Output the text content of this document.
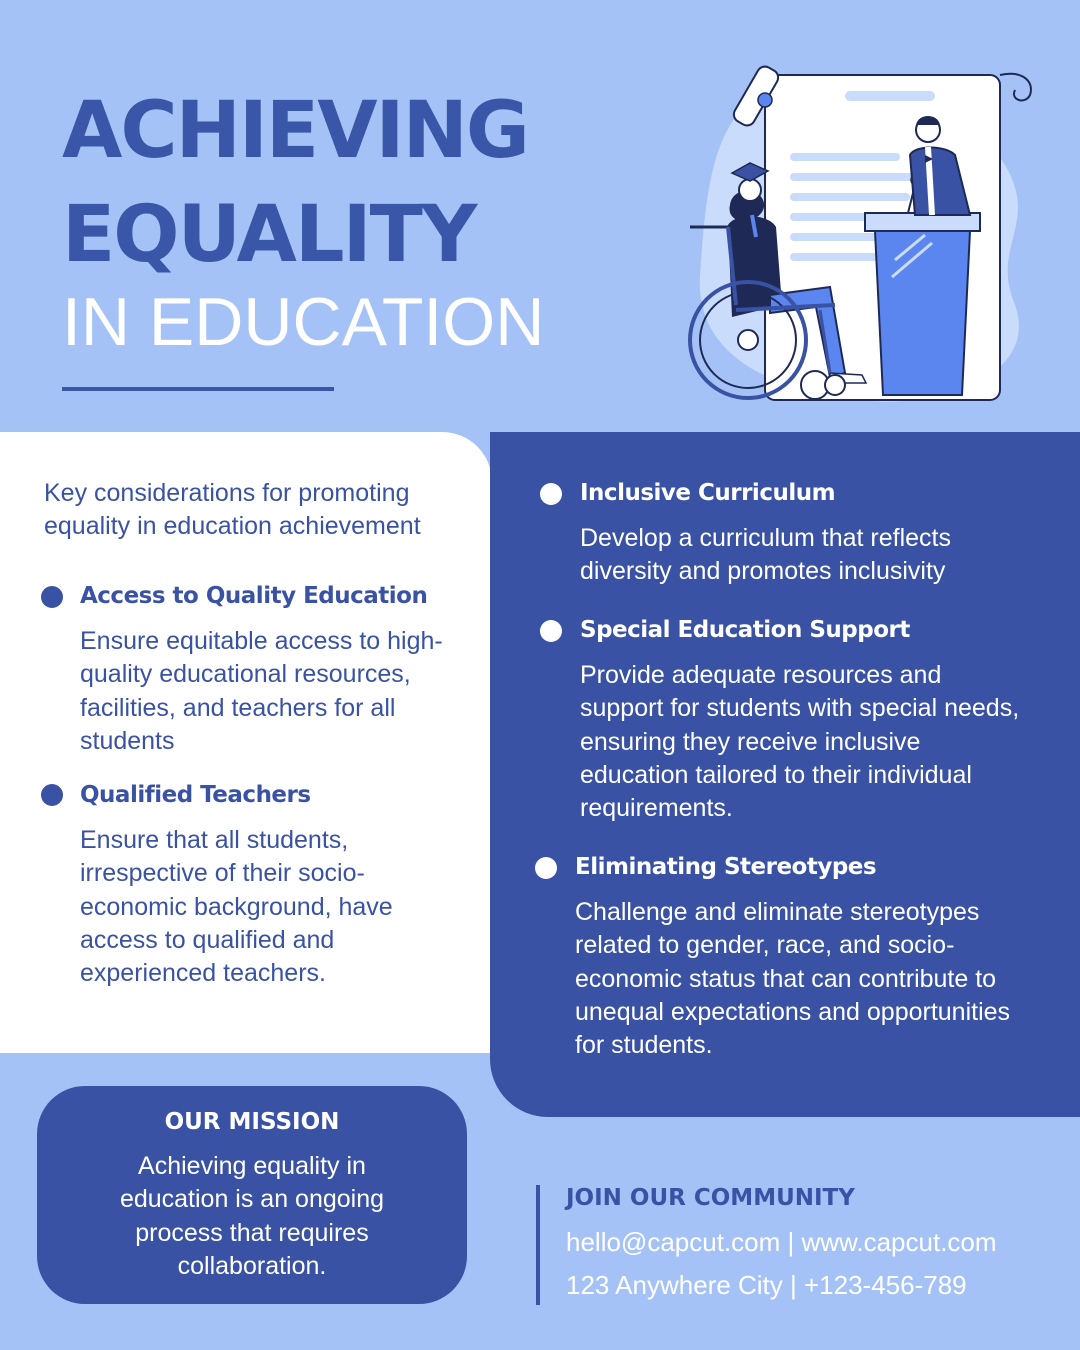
ACHIEVING
EQUALITY
IN EDUCATION

Key considerations for promoting equality in education achievement

Access to Quality Education

Ensure equitable access to high-quality educational resources, facilities, and teachers for all students

Qualified Teachers

Ensure that all students, irrespective of their socio-economic background, have access to qualified and experienced teachers.

Inclusive Curriculum

Develop a curriculum that reflects diversity and promotes inclusivity

Special Education Support

Provide adequate resources and support for students with special needs, ensuring they receive inclusive education tailored to their individual requirements.

Eliminating Stereotypes

Challenge and eliminate stereotypes related to gender, race, and socio-economic status that can contribute to unequal expectations and opportunities for students.

OUR MISSION

Achieving equality in education is an ongoing process that requires collaboration.

JOIN OUR COMMUNITY

hello@capcut.com | www.capcut.com

123 Anywhere City | +123-456-789
